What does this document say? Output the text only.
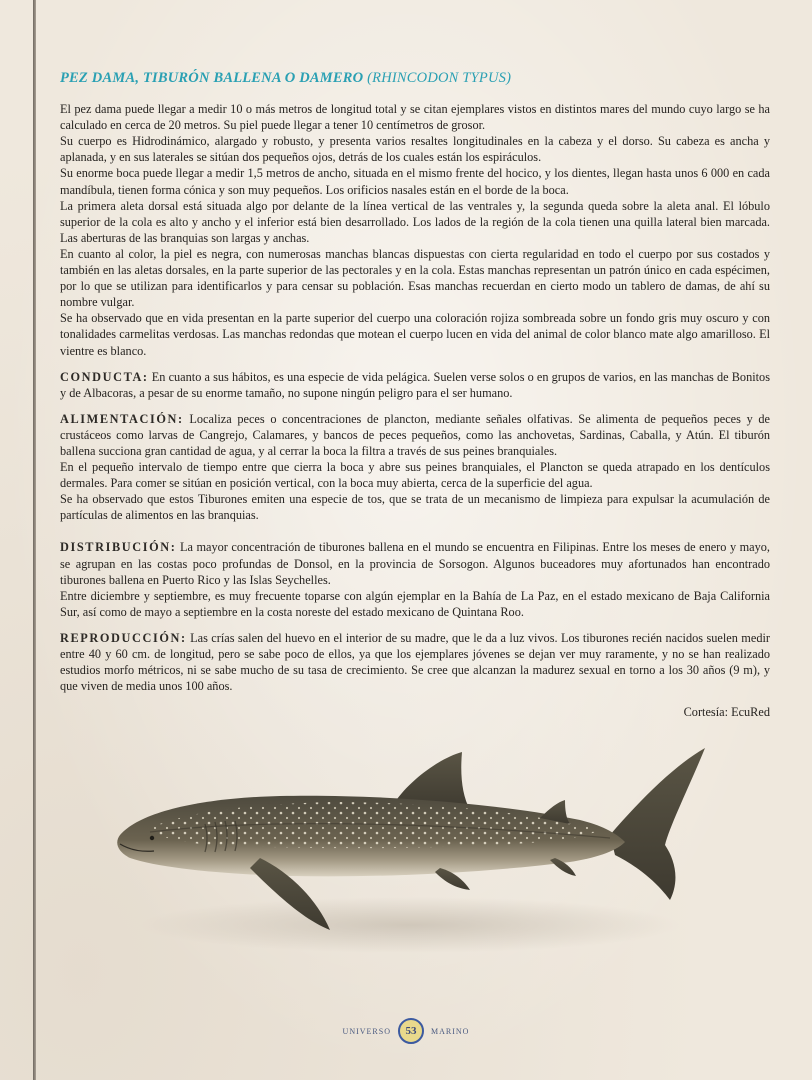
PEZ DAMA, TIBURÓN BALLENA O DAMERO (RHINCODON TYPUS)

El pez dama puede llegar a medir 10 o más metros de longitud total y se citan ejemplares vistos en distintos mares del mundo cuyo largo se ha calculado en cerca de 20 metros. Su piel puede llegar a tener 10 centímetros de grosor.

Su cuerpo es Hidrodinámico, alargado y robusto, y presenta varios resaltes longitudinales en la cabeza y el dorso. Su cabeza es ancha y aplanada, y en sus laterales se sitúan dos pequeños ojos, detrás de los cuales están los espiráculos.

Su enorme boca puede llegar a medir 1,5 metros de ancho, situada en el mismo frente del hocico, y los dientes, llegan hasta unos 6 000 en cada mandíbula, tienen forma cónica y son muy pequeños. Los orificios nasales están en el borde de la boca.

La primera aleta dorsal está situada algo por delante de la línea vertical de las ventrales y, la segunda queda sobre la aleta anal. El lóbulo superior de la cola es alto y ancho y el inferior está bien desarrollado. Los lados de la región de la cola tienen una quilla lateral bien marcada. Las aberturas de las branquias son largas y anchas.

En cuanto al color, la piel es negra, con numerosas manchas blancas dispuestas con cierta regularidad en todo el cuerpo por sus costados y también en las aletas dorsales, en la parte superior de las pectorales y en la cola. Estas manchas representan un patrón único en cada espécimen, por lo que se utilizan para identificarlos y para censar su población. Esas manchas recuerdan en cierto modo un tablero de damas, de ahí su nombre vulgar.

Se ha observado que en vida presentan en la parte superior del cuerpo una coloración rojiza sombreada sobre un fondo gris muy oscuro y con tonalidades carmelitas verdosas. Las manchas redondas que motean el cuerpo lucen en vida del animal de color blanco mate algo amarilloso. El vientre es blanco.

CONDUCTA: En cuanto a sus hábitos, es una especie de vida pelágica. Suelen verse solos o en grupos de varios, en las manchas de Bonitos y de Albacoras, a pesar de su enorme tamaño, no supone ningún peligro para el ser humano.

ALIMENTACIÓN: Localiza peces o concentraciones de plancton, mediante señales olfativas. Se alimenta de pequeños peces y de crustáceos como larvas de Cangrejo, Calamares, y bancos de peces pequeños, como las anchovetas, Sardinas, Caballa, y Atún. El tiburón ballena succiona gran cantidad de agua, y al cerrar la boca la filtra a través de sus peines branquiales.

En el pequeño intervalo de tiempo entre que cierra la boca y abre sus peines branquiales, el Plancton se queda atrapado en los dentículos dermales. Para comer se sitúan en posición vertical, con la boca muy abierta, cerca de la superficie del agua.

Se ha observado que estos Tiburones emiten una especie de tos, que se trata de un mecanismo de limpieza para expulsar la acumulación de partículas de alimentos en las branquias.

DISTRIBUCIÓN: La mayor concentración de tiburones ballena en el mundo se encuentra en Filipinas. Entre los meses de enero y mayo, se agrupan en las costas poco profundas de Donsol, en la provincia de Sorsogon. Algunos buceadores muy afortunados han encontrado tiburones ballena en Puerto Rico y las Islas Seychelles.

Entre diciembre y septiembre, es muy frecuente toparse con algún ejemplar en la Bahía de La Paz, en el estado mexicano de Baja California Sur, así como de mayo a septiembre en la costa noreste del estado mexicano de Quintana Roo.

REPRODUCCIÓN: Las crías salen del huevo en el interior de su madre, que le da a luz vivos. Los tiburones recién nacidos suelen medir entre 40 y 60 cm. de longitud, pero se sabe poco de ellos, ya que los ejemplares jóvenes se dejan ver muy raramente, y no se han realizado estudios morfo métricos, ni se sabe mucho de su tasa de crecimiento. Se cree que alcanzan la madurez sexual en torno a los 30 años (9 m), y que viven de media unos 100 años.

Cortesía: EcuRed

UNIVERSO 53 MARINO
